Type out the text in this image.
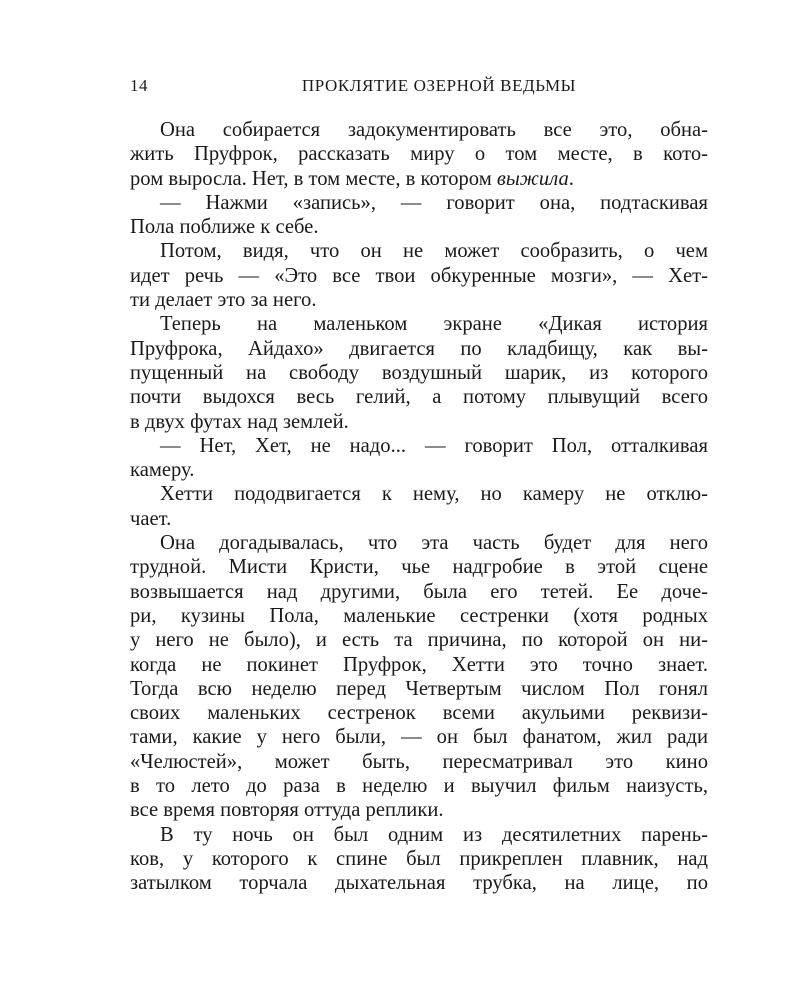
14	ПРОКЛЯТИЕ ОЗЕРНОЙ ВЕДЬМЫ
Она собирается задокументировать все это, обна-
жить Пруфрок, рассказать миру о том месте, в кото-
ром выросла. Нет, в том месте, в котором выжила.
— Нажми «запись», — говорит она, подтаскивая
Пола поближе к себе.
Потом, видя, что он не может сообразить, о чем
идет речь — «Это все твои обкуренные мозги», — Хет-
ти делает это за него.
Теперь на маленьком экране «Дикая история
Пруфрока, Айдахо» двигается по кладбищу, как вы-
пущенный на свободу воздушный шарик, из которого
почти выдохся весь гелий, а потому плывущий всего
в двух футах над землей.
— Нет, Хет, не надо... — говорит Пол, отталкивая
камеру.
Хетти пододвигается к нему, но камеру не отклю-
чает.
Она догадывалась, что эта часть будет для него
трудной. Мисти Кристи, чье надгробие в этой сцене
возвышается над другими, была его тетей. Ее доче-
ри, кузины Пола, маленькие сестренки (хотя родных
у него не было), и есть та причина, по которой он ни-
когда не покинет Пруфрок, Хетти это точно знает.
Тогда всю неделю перед Четвертым числом Пол гонял
своих маленьких сестренок всеми акульими реквизи-
тами, какие у него были, — он был фанатом, жил ради
«Челюстей», может быть, пересматривал это кино
в то лето до раза в неделю и выучил фильм наизусть,
все время повторяя оттуда реплики.
В ту ночь он был одним из десятилетних парень-
ков, у которого к спине был прикреплен плавник, над
затылком торчала дыхательная трубка, на лице, по
